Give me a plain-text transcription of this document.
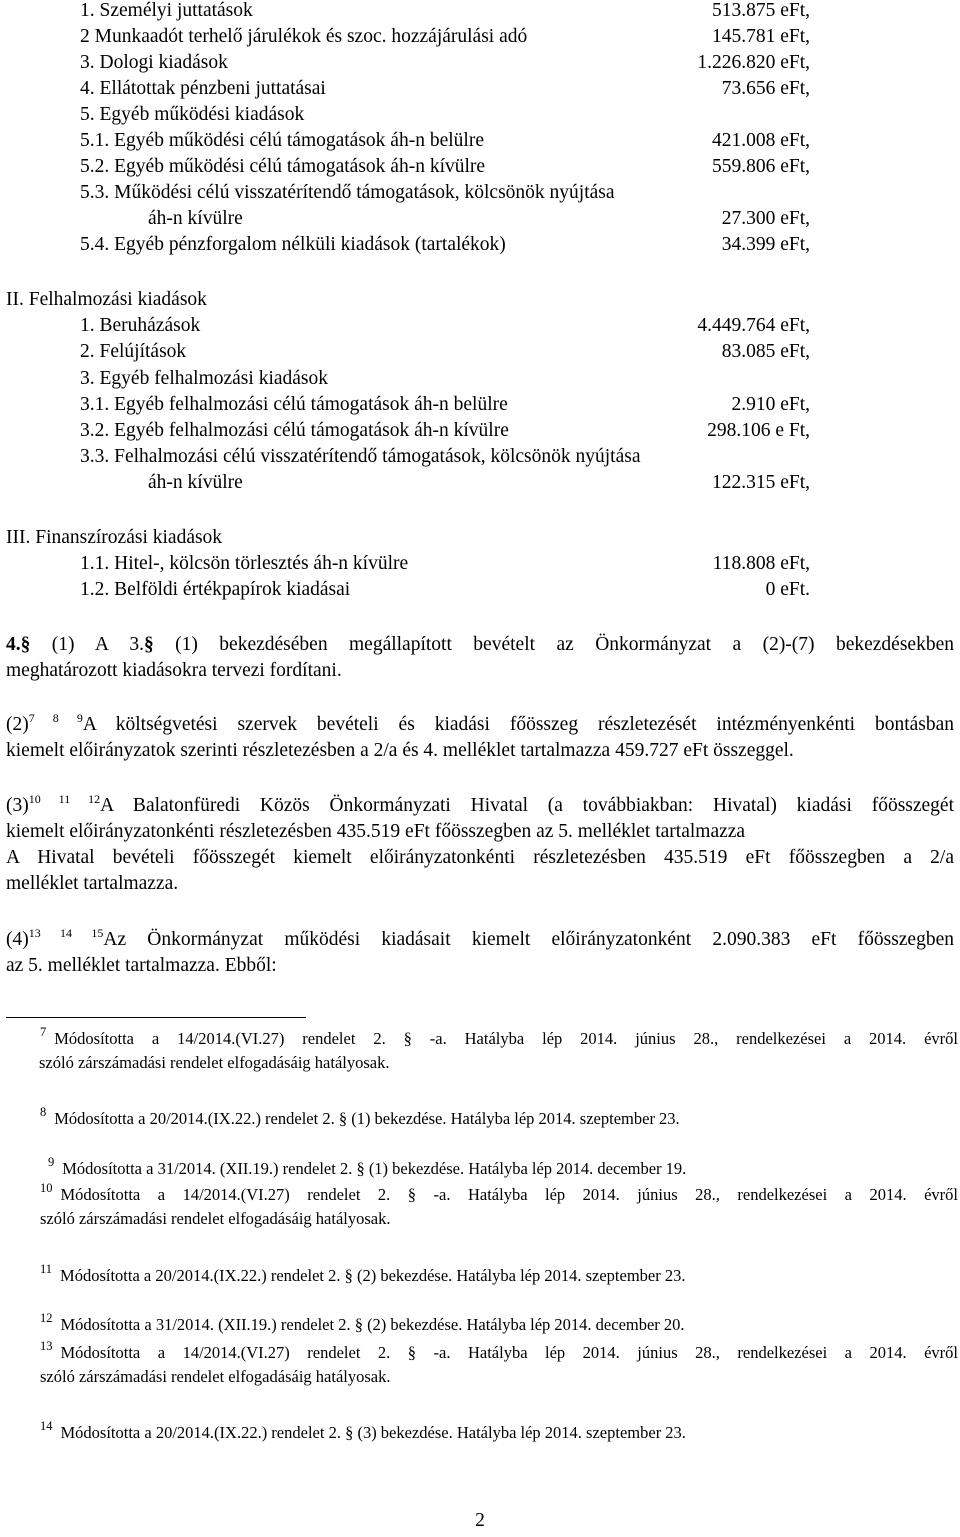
1. Személyi juttatások	513.875 eFt,
2 Munkaadót terhelő járulékok és szoc. hozzájárulási adó	145.781 eFt,
3. Dologi kiadások	1.226.820 eFt,
4. Ellátottak pénzbeni juttatásai	73.656 eFt,
5. Egyéb működési kiadások
5.1. Egyéb működési célú támogatások áh-n belülre	421.008 eFt,
5.2. Egyéb működési célú támogatások áh-n kívülre	559.806 eFt,
5.3. Működési célú visszatérítendő támogatások, kölcsönök nyújtása
áh-n kívülre	27.300 eFt,
5.4. Egyéb pénzforgalom nélküli kiadások (tartalékok)	34.399 eFt,
II. Felhalmozási kiadások
1. Beruházások	4.449.764 eFt,
2. Felújítások	83.085 eFt,
3. Egyéb felhalmozási kiadások
3.1. Egyéb felhalmozási célú támogatások áh-n belülre	2.910 eFt,
3.2. Egyéb felhalmozási célú támogatások áh-n kívülre	298.106 e Ft,
3.3. Felhalmozási célú visszatérítendő támogatások, kölcsönök nyújtása
áh-n kívülre	122.315 eFt,
III. Finanszírozási kiadások
1.1. Hitel-, kölcsön törlesztés áh-n kívülre	118.808 eFt,
1.2. Belföldi értékpapírok kiadásai	0 eFt.
4.§ (1) A 3.§ (1) bekezdésében megállapított bevételt az Önkormányzat a (2)-(7) bekezdésekben
meghatározott kiadásokra tervezi fordítani.
$(2)^{7 8 9}A$ költségvetési szervek bevételi és kiadási főösszeg részletezését intézményenkénti bontásban
kiemelt előirányzatok szerinti részletezésben a 2/a és 4. melléklet tartalmazza 459.727 eFt összeggel.
$(3)^{10 11 12}A$ Balatonfüredi Közös Önkormányzati Hivatal (a továbbiakban: Hivatal) kiadási főösszegét
kiemelt előirányzatonkénti részletezésben 435.519 eFt főösszegben az 5. melléklet tartalmazza
A Hivatal bevételi főösszegét kiemelt előirányzatonkénti részletezésben 435.519 eFt főösszegben a 2/a
melléklet tartalmazza.
$(4)^{13 14 15}Az$ Önkormányzat működési kiadásait kiemelt előirányzatonként 2.090.383 eFt főösszegben
az 5. melléklet tartalmazza. Ebből:
$^7$ Módosította a 14/2014.(VI.27) rendelet 2. § -a. Hatályba lép 2014. június 28., rendelkezései a 2014. évről
szóló zárszámadási rendelet elfogadásáig hatályosak.
$^8$ Módosította a 20/2014.(IX.22.) rendelet 2. § (1) bekezdése. Hatályba lép 2014. szeptember 23.
$^9$ Módosította a 31/2014. (XII.19.) rendelet 2. § (1) bekezdése. Hatályba lép 2014. december 19.
$^{10}$ Módosította a 14/2014.(VI.27) rendelet 2. § -a. Hatályba lép 2014. június 28., rendelkezései a 2014. évről
szóló zárszámadási rendelet elfogadásáig hatályosak.
$^{11}$ Módosította a 20/2014.(IX.22.) rendelet 2. § (2) bekezdése. Hatályba lép 2014. szeptember 23.
$^{12}$ Módosította a 31/2014. (XII.19.) rendelet 2. § (2) bekezdése. Hatályba lép 2014. december 20.
$^{13}$ Módosította a 14/2014.(VI.27) rendelet 2. § -a. Hatályba lép 2014. június 28., rendelkezései a 2014. évről
szóló zárszámadási rendelet elfogadásáig hatályosak.
$^{14}$ Módosította a 20/2014.(IX.22.) rendelet 2. § (3) bekezdése. Hatályba lép 2014. szeptember 23.
2
